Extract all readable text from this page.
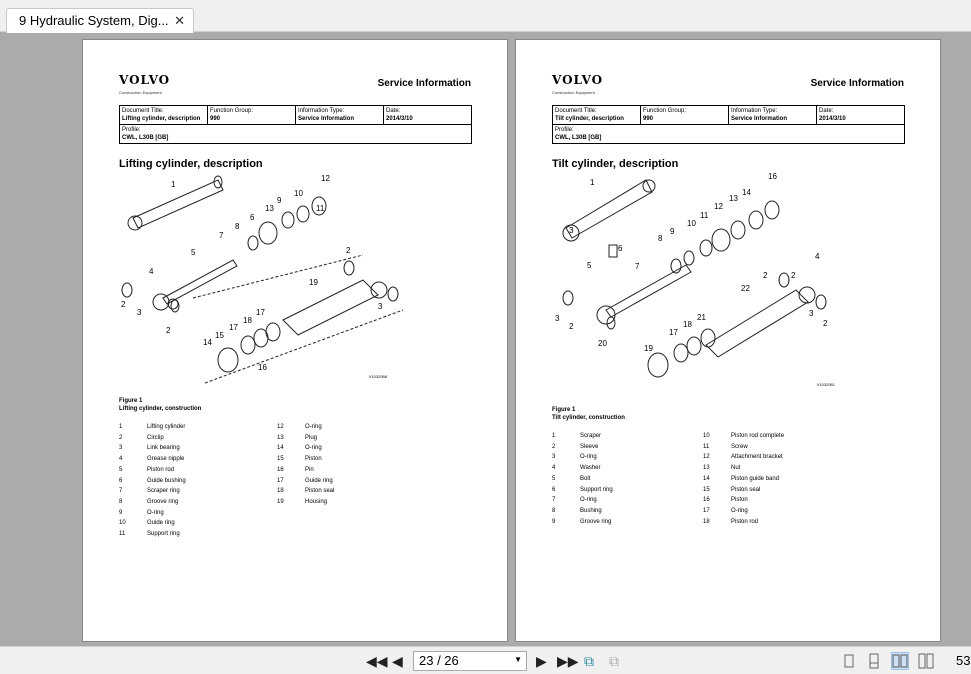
9 Hydraulic System, Dig... ✕
VOLVO
Construction Equipment
Service Information
Document Title:
Lifting cylinder, description	
Function Group:
990	
Information Type:
Service Information	
Date:
2014/3/10

Profile:
CWL, L30B [GB]
Lifting cylinder, description
1
9
10
12
6
13	11
7
8
5	2
4
19
2
3
2
3
17
18
15
17
14
16
V1032958
Figure 1
Lifting cylinder, construction
1	Lifting cylinder
2	Circlip
3	Link bearing
4	Grease nipple
5	Piston rod
6	Guide bushing
7	Scraper ring
8	Groove ring
9	O-ring
10	Guide ring
11	Support ring
12	O-ring
13	Plug
14	O-ring
15	Piston
16	Pin
17	Guide ring
18	Piston seal
19	Housing
VOLVO
Construction Equipment
Service Information
Document Title:
Tilt cylinder, description	
Function Group:
990	
Information Type:
Service Information	
Date:
2014/3/10

Profile:
CWL, L30B [GB]
Tilt cylinder, description
1
3
16
14
13
12
11
10
9
8
6
7
5
4
2
22
2
3
2
3
2
20
21
18
17
19
V1032951
Figure 1
Tilt cylinder, construction
1	Scraper
2	Sleeve
3	O-ring
4	Washer
5	Bolt
6	Support ring
7	O-ring
8	Bushing
9	Groove ring
10	Piston rod complete
11	Screw
12	Attachment bracket
13	Nut
14	Piston guide band
15	Piston seal
16	Piston
17	O-ring
18	Piston rod
◀◀ ◀	23 / 26	▼ ▶ ▶▶ ⧉ ⧉	53
